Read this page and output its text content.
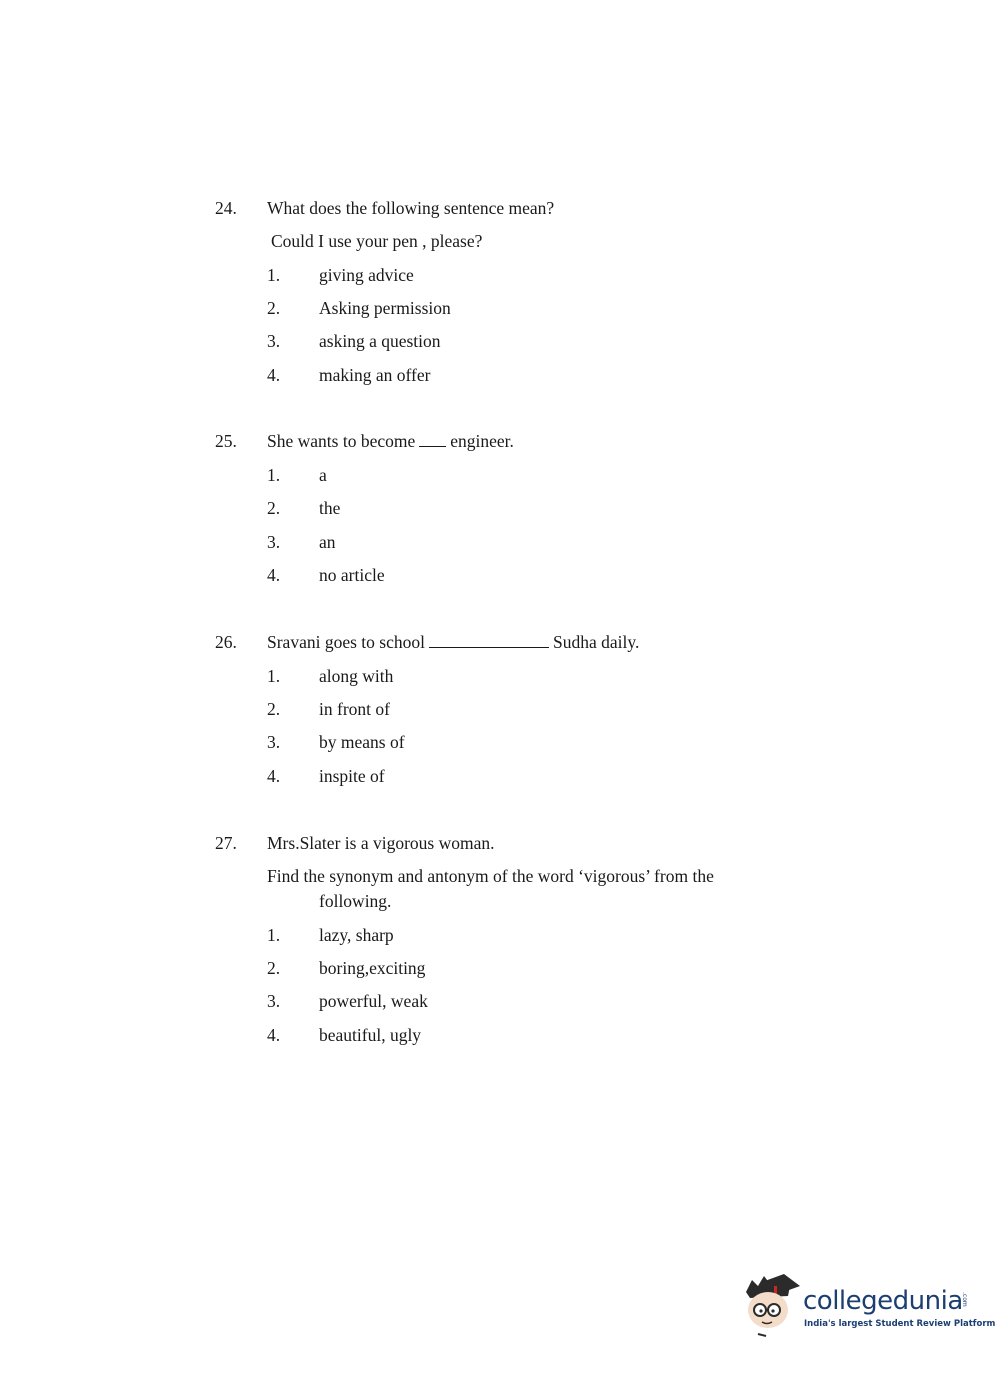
24. What does the following sentence mean?
Could I use your pen , please?
1. giving advice
2. Asking permission
3. asking a question
4. making an offer
25. She wants to become engineer.
1. a
2. the
3. an
4. no article
26. Sravani goes to school	Sudha daily.
1. along with
2. in front of
3. by means of
4. inspite of
27. Mrs.Slater is a vigorous woman.
Find the synonym and antonym of the word ‘vigorous’ from the
following.
1. lazy, sharp
2. boring,exciting
3. powerful, weak
4. beautiful, ugly
collegedunia
.com
India's largest Student Review Platform
